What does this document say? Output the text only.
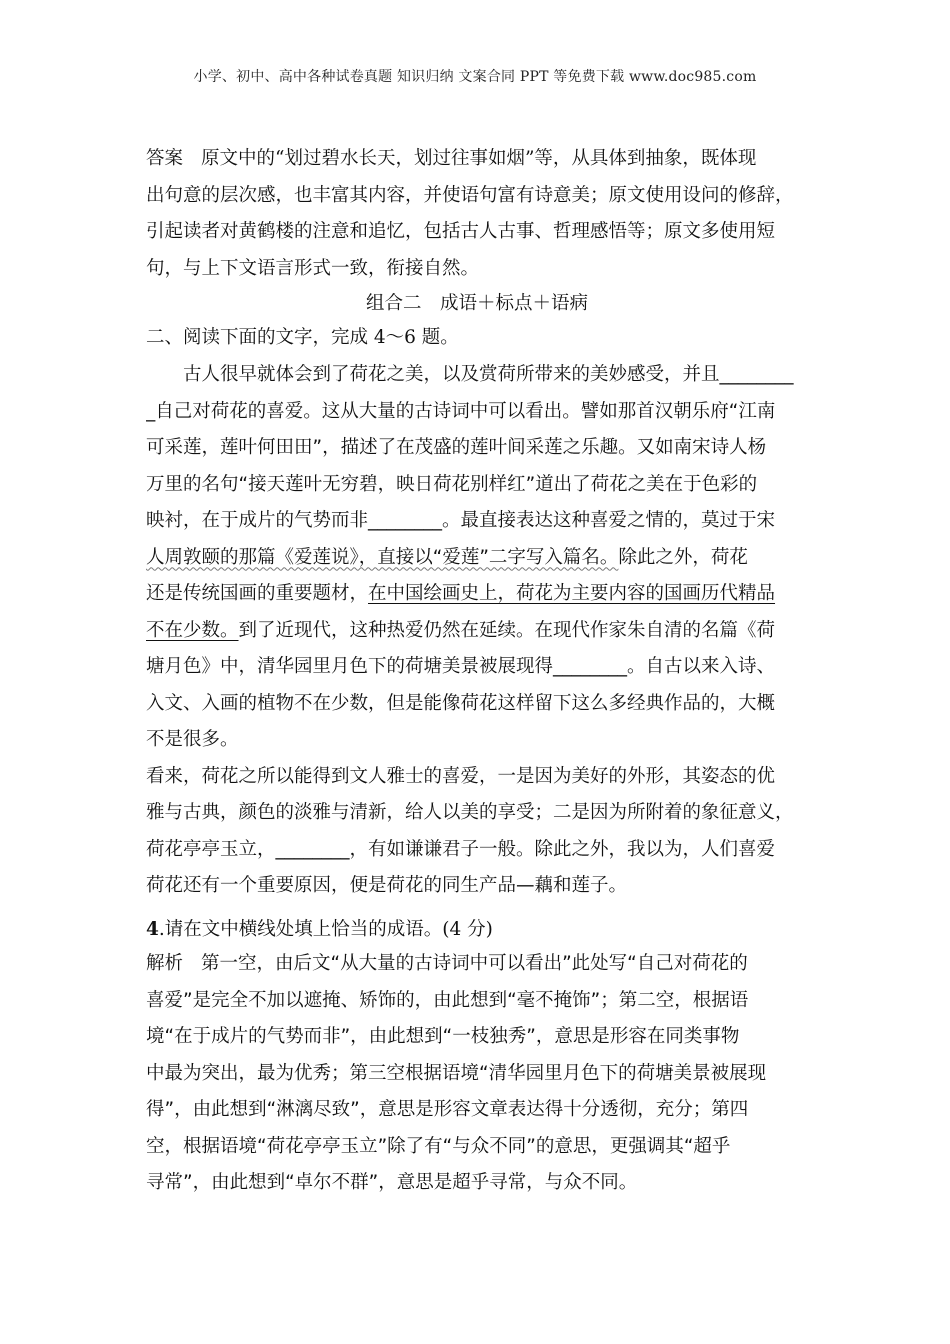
小学、初中、高中各种试卷真题 知识归纳 文案合同 PPT 等免费下载 www.doc985.com
答案 原文中的“划过碧水长天，划过往事如烟”等，从具体到抽象，既体现
出句意的层次感，也丰富其内容，并使语句富有诗意美；原文使用设问的修辞，
引起读者对黄鹤楼的注意和追忆，包括古人古事、哲理感悟等；原文多使用短
句，与上下文语言形式一致，衔接自然。
组合二　成语＋标点＋语病
二、阅读下面的文字，完成 4～6 题。
古人很早就体会到了荷花之美，以及赏荷所带来的美妙感受，并且________
_自己对荷花的喜爱。这从大量的古诗词中可以看出。譬如那首汉朝乐府“江南
可采莲，莲叶何田田”，描述了在茂盛的莲叶间采莲之乐趣。又如南宋诗人杨
万里的名句“接天莲叶无穷碧，映日荷花别样红”道出了荷花之美在于色彩的
映衬，在于成片的气势而非________。最直接表达这种喜爱之情的，莫过于宋
人周敦颐的那篇《爱莲说》，直接以“爱莲”二字写入篇名。除此之外，荷花
还是传统国画的重要题材，在中国绘画史上，荷花为主要内容的国画历代精品
不在少数。到了近现代，这种热爱仍然在延续。在现代作家朱自清的名篇《荷
塘月色》中，清华园里月色下的荷塘美景被展现得________。自古以来入诗、
入文、入画的植物不在少数，但是能像荷花这样留下这么多经典作品的，大概
不是很多。
看来，荷花之所以能得到文人雅士的喜爱，一是因为美好的外形，其姿态的优
雅与古典，颜色的淡雅与清新，给人以美的享受；二是因为所附着的象征意义，
荷花亭亭玉立，________，有如谦谦君子一般。除此之外，我以为，人们喜爱
荷花还有一个重要原因，便是荷花的同生产品—藕和莲子。
4.请在文中横线处填上恰当的成语。(4 分)
解析 第一空，由后文“从大量的古诗词中可以看出”此处写“自己对荷花的
喜爱”是完全不加以遮掩、矫饰的，由此想到“毫不掩饰”；第二空，根据语
境“在于成片的气势而非”，由此想到“一枝独秀”，意思是形容在同类事物
中最为突出，最为优秀；第三空根据语境“清华园里月色下的荷塘美景被展现
得”，由此想到“淋漓尽致”，意思是形容文章表达得十分透彻，充分；第四
空，根据语境“荷花亭亭玉立”除了有“与众不同”的意思，更强调其“超乎
寻常”，由此想到“卓尔不群”，意思是超乎寻常，与众不同。
